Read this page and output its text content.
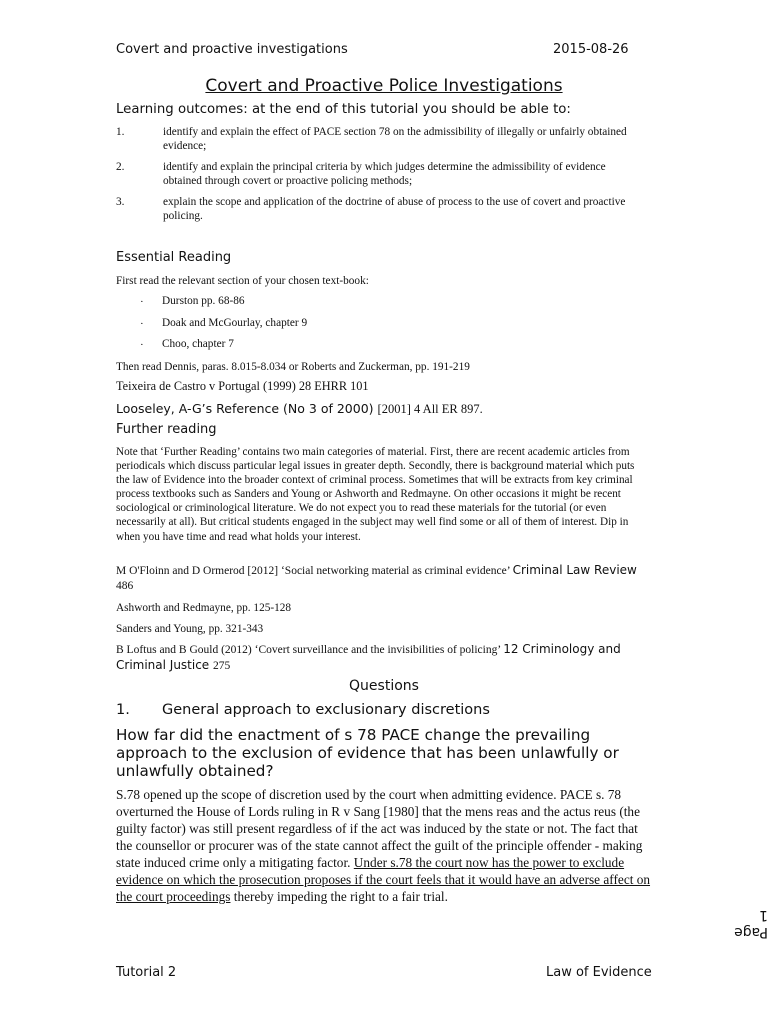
Covert and proactive investigations	2015-08-26
Covert and Proactive Police Investigations
Learning outcomes: at the end of this tutorial you should be able to:
1.	identify and explain the effect of PACE section 78 on the admissibility of illegally or unfairly obtained evidence;
2.	identify and explain the principal criteria by which judges determine the admissibility of evidence obtained through covert or proactive policing methods;
3.	explain the scope and application of the doctrine of abuse of process to the use of covert and proactive policing.
Essential Reading
First read the relevant section of your chosen text-book:
· Durston pp. 68-86
· Doak and McGourlay, chapter 9
· Choo, chapter 7
Then read Dennis, paras. 8.015-8.034 or Roberts and Zuckerman, pp. 191-219
Teixeira de Castro v Portugal (1999) 28 EHRR 101
Looseley, A-G’s Reference (No 3 of 2000) [2001] 4 All ER 897.
Further reading
Note that ‘Further Reading’ contains two main categories of material. First, there are recent academic articles from periodicals which discuss particular legal issues in greater depth. Secondly, there is background material which puts the law of Evidence into the broader context of criminal process. Sometimes that will be extracts from key criminal process textbooks such as Sanders and Young or Ashworth and Redmayne. On other occasions it might be recent sociological or criminological literature. We do not expect you to read these materials for the tutorial (or even necessarily at all). But critical students engaged in the subject may well find some or all of them of interest. Dip in when you have time and read what holds your interest.
M O'Floinn and D Ormerod [2012] ‘Social networking material as criminal evidence’ Criminal Law Review 486
Ashworth and Redmayne, pp. 125-128
Sanders and Young, pp. 321-343
B Loftus and B Gould (2012) ‘Covert surveillance and the invisibilities of policing’ 12 Criminology and Criminal Justice 275
Questions
1. General approach to exclusionary discretions
How far did the enactment of s 78 PACE change the prevailing approach to the exclusion of evidence that has been unlawfully or unlawfully obtained?
S.78 opened up the scope of discretion used by the court when admitting evidence. PACE s. 78 overturned the House of Lords ruling in R v Sang [1980] that the mens reas and the actus reus (the guilty factor) was still present regardless of if the act was induced by the state or not. The fact that the counsellor or procurer was of the state cannot affect the guilt of the principle offender - making state induced crime only a mitigating factor. Under s.78 the court now has the power to exclude evidence on which the prosecution proposes if the court feels that it would have an adverse affect on the court proceedings thereby impeding the right to a fair trial.
Page 1
Tutorial 2	Law of Evidence
